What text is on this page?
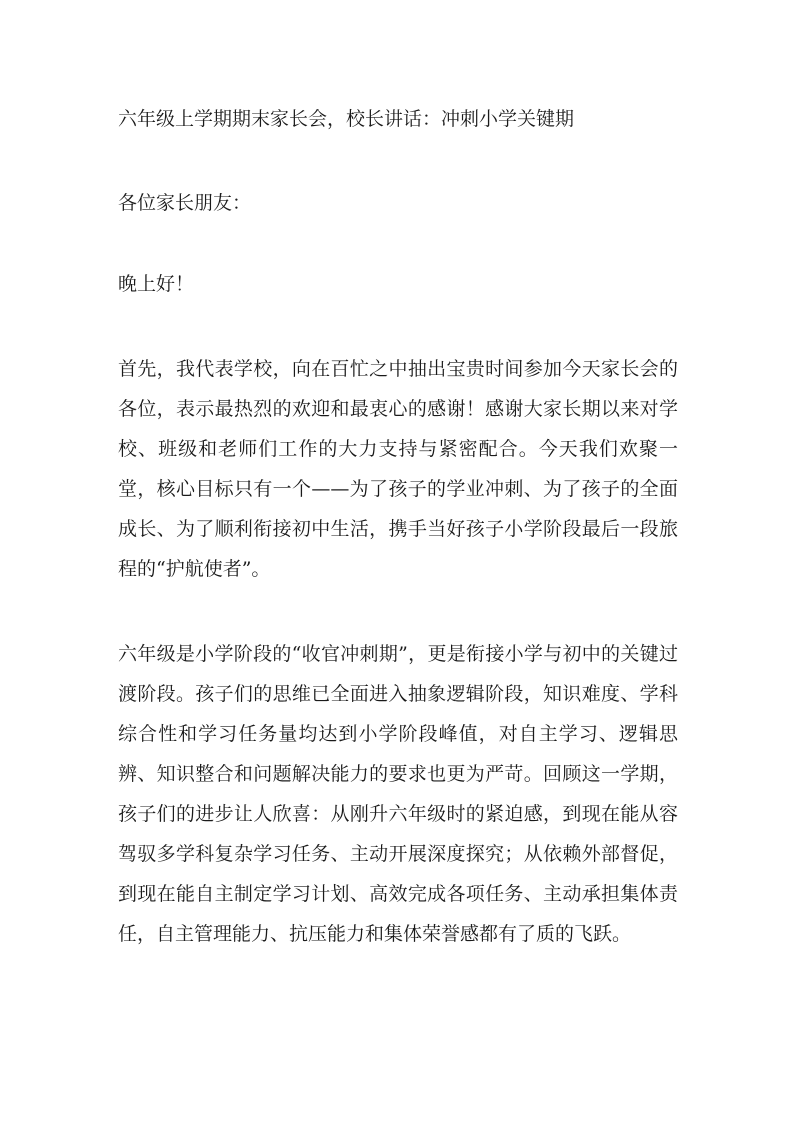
六年级上学期期末家长会，校长讲话：冲刺小学关键期
各位家长朋友：
晚上好！
首先，我代表学校，向在百忙之中抽出宝贵时间参加今天家长会的各位，表示最热烈的欢迎和最衷心的感谢！感谢大家长期以来对学校、班级和老师们工作的大力支持与紧密配合。今天我们欢聚一堂，核心目标只有一个——为了孩子的学业冲刺、为了孩子的全面成长、为了顺利衔接初中生活，携手当好孩子小学阶段最后一段旅程的“护航使者”。
六年级是小学阶段的“收官冲刺期”，更是衔接小学与初中的关键过渡阶段。孩子们的思维已全面进入抽象逻辑阶段，知识难度、学科综合性和学习任务量均达到小学阶段峰值，对自主学习、逻辑思辨、知识整合和问题解决能力的要求也更为严苛。回顾这一学期，孩子们的进步让人欣喜：从刚升六年级时的紧迫感，到现在能从容驾驭多学科复杂学习任务、主动开展深度探究；从依赖外部督促，到现在能自主制定学习计划、高效完成各项任务、主动承担集体责任，自主管理能力、抗压能力和集体荣誉感都有了质的飞跃。
